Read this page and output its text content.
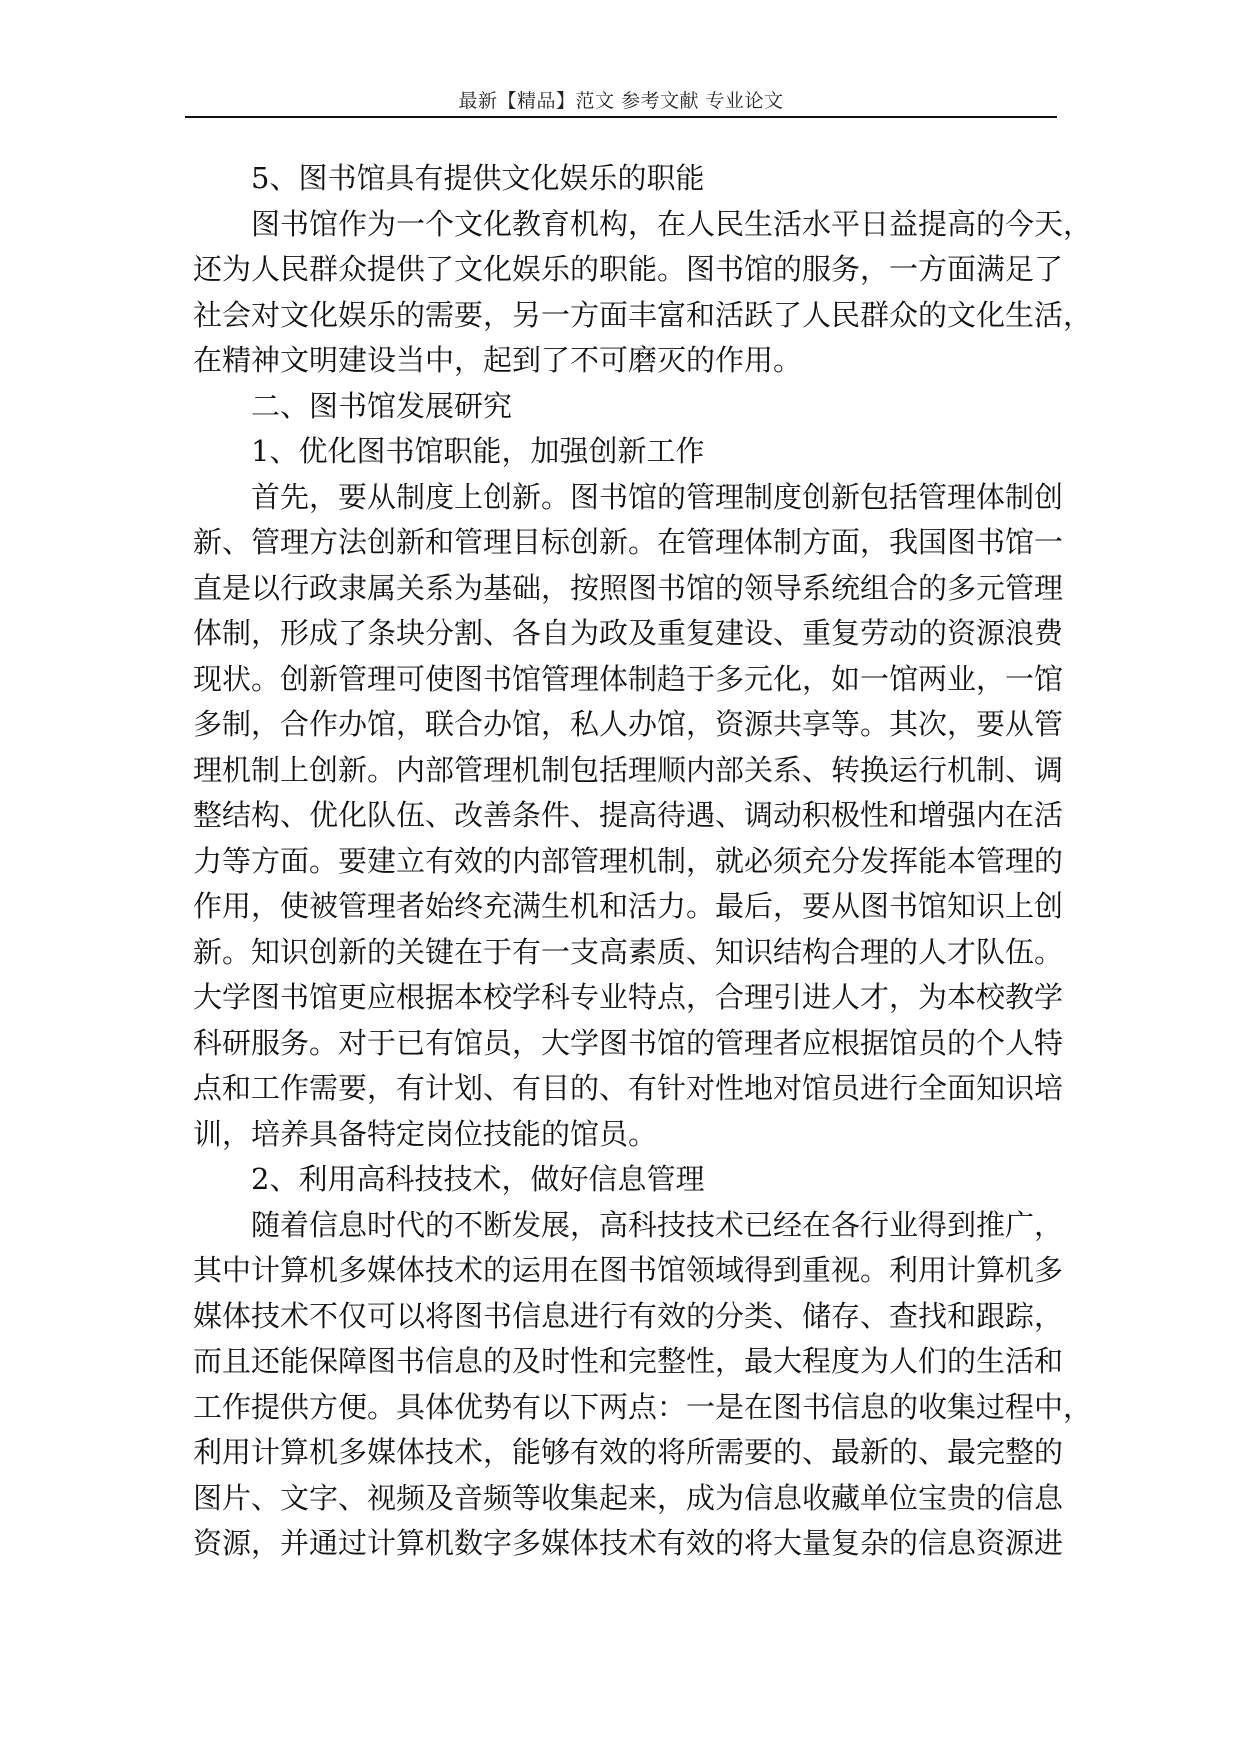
最新【精品】范文 参考文献 专业论文
5、图书馆具有提供文化娱乐的职能
图书馆作为一个文化教育机构，在人民生活水平日益提高的今天，
还为人民群众提供了文化娱乐的职能。图书馆的服务，一方面满足了
社会对文化娱乐的需要，另一方面丰富和活跃了人民群众的文化生活，
在精神文明建设当中，起到了不可磨灭的作用。
二、图书馆发展研究
1、优化图书馆职能，加强创新工作
首先，要从制度上创新。图书馆的管理制度创新包括管理体制创
新、管理方法创新和管理目标创新。在管理体制方面，我国图书馆一
直是以行政隶属关系为基础，按照图书馆的领导系统组合的多元管理
体制，形成了条块分割、各自为政及重复建设、重复劳动的资源浪费
现状。创新管理可使图书馆管理体制趋于多元化，如一馆两业，一馆
多制，合作办馆，联合办馆，私人办馆，资源共享等。其次，要从管
理机制上创新。内部管理机制包括理顺内部关系、转换运行机制、调
整结构、优化队伍、改善条件、提高待遇、调动积极性和增强内在活
力等方面。要建立有效的内部管理机制，就必须充分发挥能本管理的
作用，使被管理者始终充满生机和活力。最后，要从图书馆知识上创
新。知识创新的关键在于有一支高素质、知识结构合理的人才队伍。
大学图书馆更应根据本校学科专业特点，合理引进人才，为本校教学
科研服务。对于已有馆员，大学图书馆的管理者应根据馆员的个人特
点和工作需要，有计划、有目的、有针对性地对馆员进行全面知识培
训，培养具备特定岗位技能的馆员。
2、利用高科技技术，做好信息管理
随着信息时代的不断发展，高科技技术已经在各行业得到推广，
其中计算机多媒体技术的运用在图书馆领域得到重视。利用计算机多
媒体技术不仅可以将图书信息进行有效的分类、储存、查找和跟踪，
而且还能保障图书信息的及时性和完整性，最大程度为人们的生活和
工作提供方便。具体优势有以下两点：一是在图书信息的收集过程中，
利用计算机多媒体技术，能够有效的将所需要的、最新的、最完整的
图片、文字、视频及音频等收集起来，成为信息收藏单位宝贵的信息
资源，并通过计算机数字多媒体技术有效的将大量复杂的信息资源进
